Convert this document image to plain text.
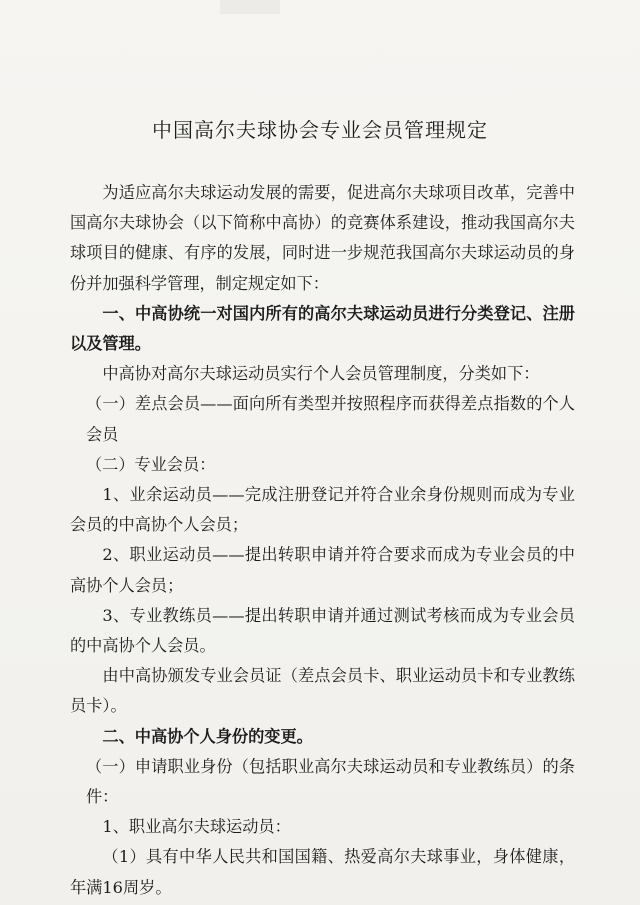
中国高尔夫球协会专业会员管理规定

为适应高尔夫球运动发展的需要，促进高尔夫球项目改革，完善中国高尔夫球协会（以下简称中高协）的竞赛体系建设，推动我国高尔夫球项目的健康、有序的发展，同时进一步规范我国高尔夫球运动员的身份并加强科学管理，制定规定如下：

一、中高协统一对国内所有的高尔夫球运动员进行分类登记、注册以及管理。

中高协对高尔夫球运动员实行个人会员管理制度，分类如下：

（一）差点会员——面向所有类型并按照程序而获得差点指数的个人会员

（二）专业会员：

1、业余运动员——完成注册登记并符合业余身份规则而成为专业会员的中高协个人会员；

2、职业运动员——提出转职申请并符合要求而成为专业会员的中高协个人会员；

3、专业教练员——提出转职申请并通过测试考核而成为专业会员的中高协个人会员。

由中高协颁发专业会员证（差点会员卡、职业运动员卡和专业教练员卡）。

二、中高协个人身份的变更。

（一）申请职业身份（包括职业高尔夫球运动员和专业教练员）的条件：

1、职业高尔夫球运动员：

（1）具有中华人民共和国国籍、热爱高尔夫球事业，身体健康，年满16周岁。
